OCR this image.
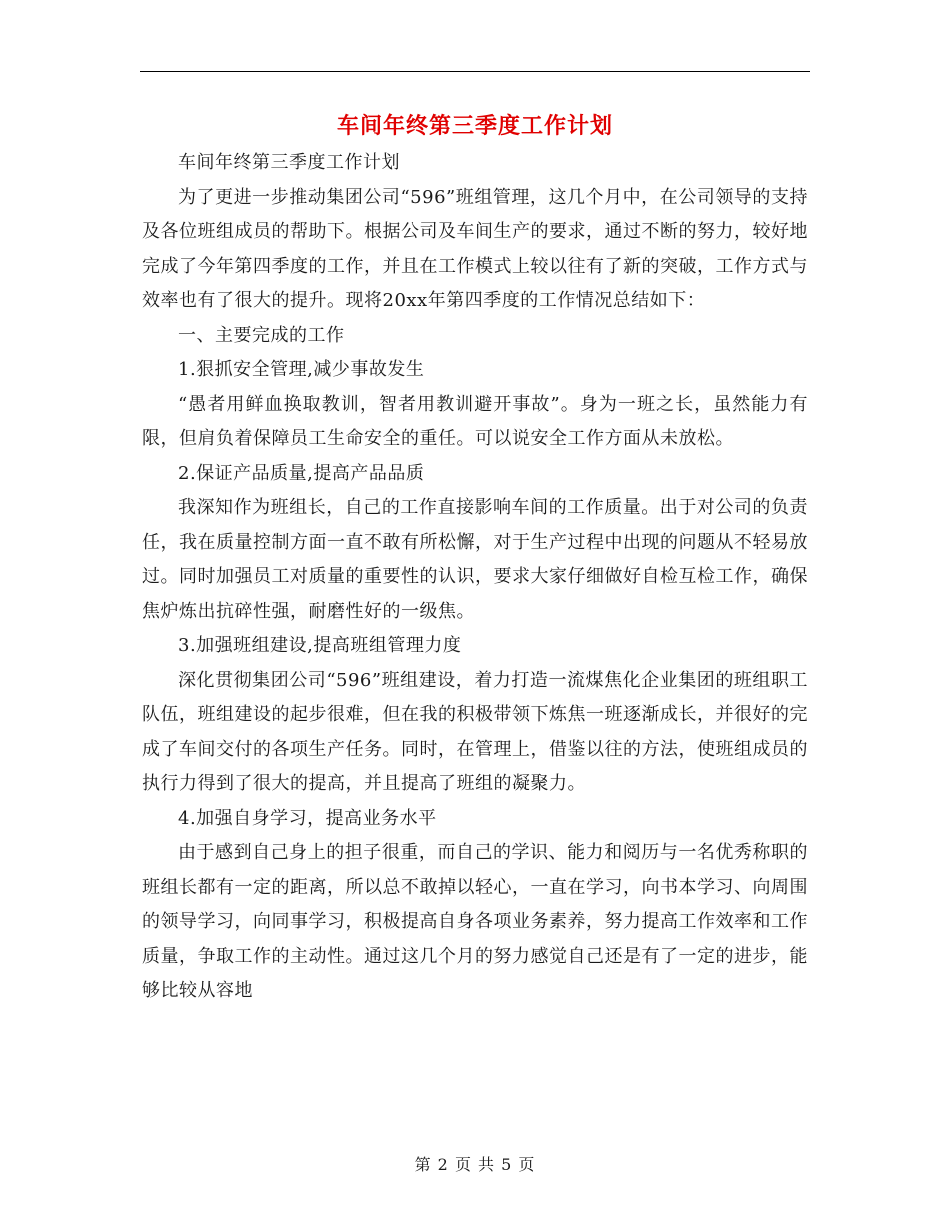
车间年终第三季度工作计划

车间年终第三季度工作计划

为了更进一步推动集团公司“596”班组管理，这几个月中，在公司领导的支持及各位班组成员的帮助下。根据公司及车间生产的要求，通过不断的努力，较好地完成了今年第四季度的工作，并且在工作模式上较以往有了新的突破，工作方式与效率也有了很大的提升。现将20xx年第四季度的工作情况总结如下：

一、主要完成的工作

1.狠抓安全管理,减少事故发生

“愚者用鲜血换取教训，智者用教训避开事故”。身为一班之长，虽然能力有限，但肩负着保障员工生命安全的重任。可以说安全工作方面从未放松。

2.保证产品质量,提高产品品质

我深知作为班组长，自己的工作直接影响车间的工作质量。出于对公司的负责任，我在质量控制方面一直不敢有所松懈，对于生产过程中出现的问题从不轻易放过。同时加强员工对质量的重要性的认识，要求大家仔细做好自检互检工作，确保焦炉炼出抗碎性强，耐磨性好的一级焦。

3.加强班组建设,提高班组管理力度

深化贯彻集团公司“596”班组建设，着力打造一流煤焦化企业集团的班组职工队伍，班组建设的起步很难，但在我的积极带领下炼焦一班逐渐成长，并很好的完成了车间交付的各项生产任务。同时，在管理上，借鉴以往的方法，使班组成员的执行力得到了很大的提高，并且提高了班组的凝聚力。

4.加强自身学习，提高业务水平

由于感到自己身上的担子很重，而自己的学识、能力和阅历与一名优秀称职的班组长都有一定的距离，所以总不敢掉以轻心，一直在学习，向书本学习、向周围的领导学习，向同事学习，积极提高自身各项业务素养，努力提高工作效率和工作质量，争取工作的主动性。通过这几个月的努力感觉自己还是有了一定的进步，能够比较从容地

第 2 页 共 5 页
